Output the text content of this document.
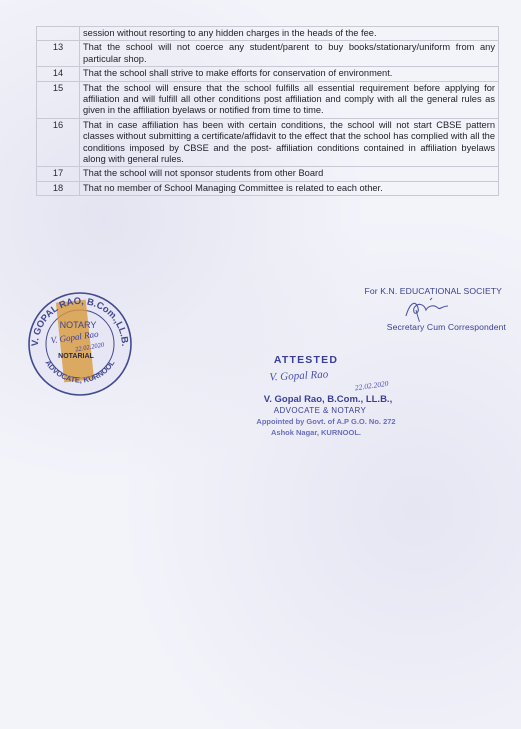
	session without resorting to any hidden charges in the heads of the fee.
13	That the school will not coerce any student/parent to buy books/stationary/uniform from any particular shop.
14	That the school shall strive to make efforts for conservation of environment.
15	That the school will ensure that the school fulfills all essential requirement before applying for affiliation and will fulfill all other conditions post affiliation and comply with all the general rules as given in the affiliation byelaws or notified from time to time.
16	That in case affiliation has been with certain conditions, the school will not start CBSE pattern classes without submitting a certificate/affidavit to the effect that the school has complied with all the conditions imposed by CBSE and the post- affiliation conditions contained in affiliation byelaws along with general rules.
17	That the school will not sponsor students from other Board
18	That no member of School Managing Committee is related to each other.
For K.N. EDUCATIONAL SOCIETY
Secretary Cum Correspondent
V. GOPAL RAO, B.Com.,LL.B.
ADVOCATE, KURNOOL
NOTARY
V. Gopal Rao
22.02.2020
NOTARIAL	ATTESTED
V. Gopal Rao
22.02.2020
V. Gopal Rao, B.Com., LL.B.,
ADVOCATE & NOTARY
Appointed by Govt. of A.P G.O. No. 272
Ashok Nagar, KURNOOL.
